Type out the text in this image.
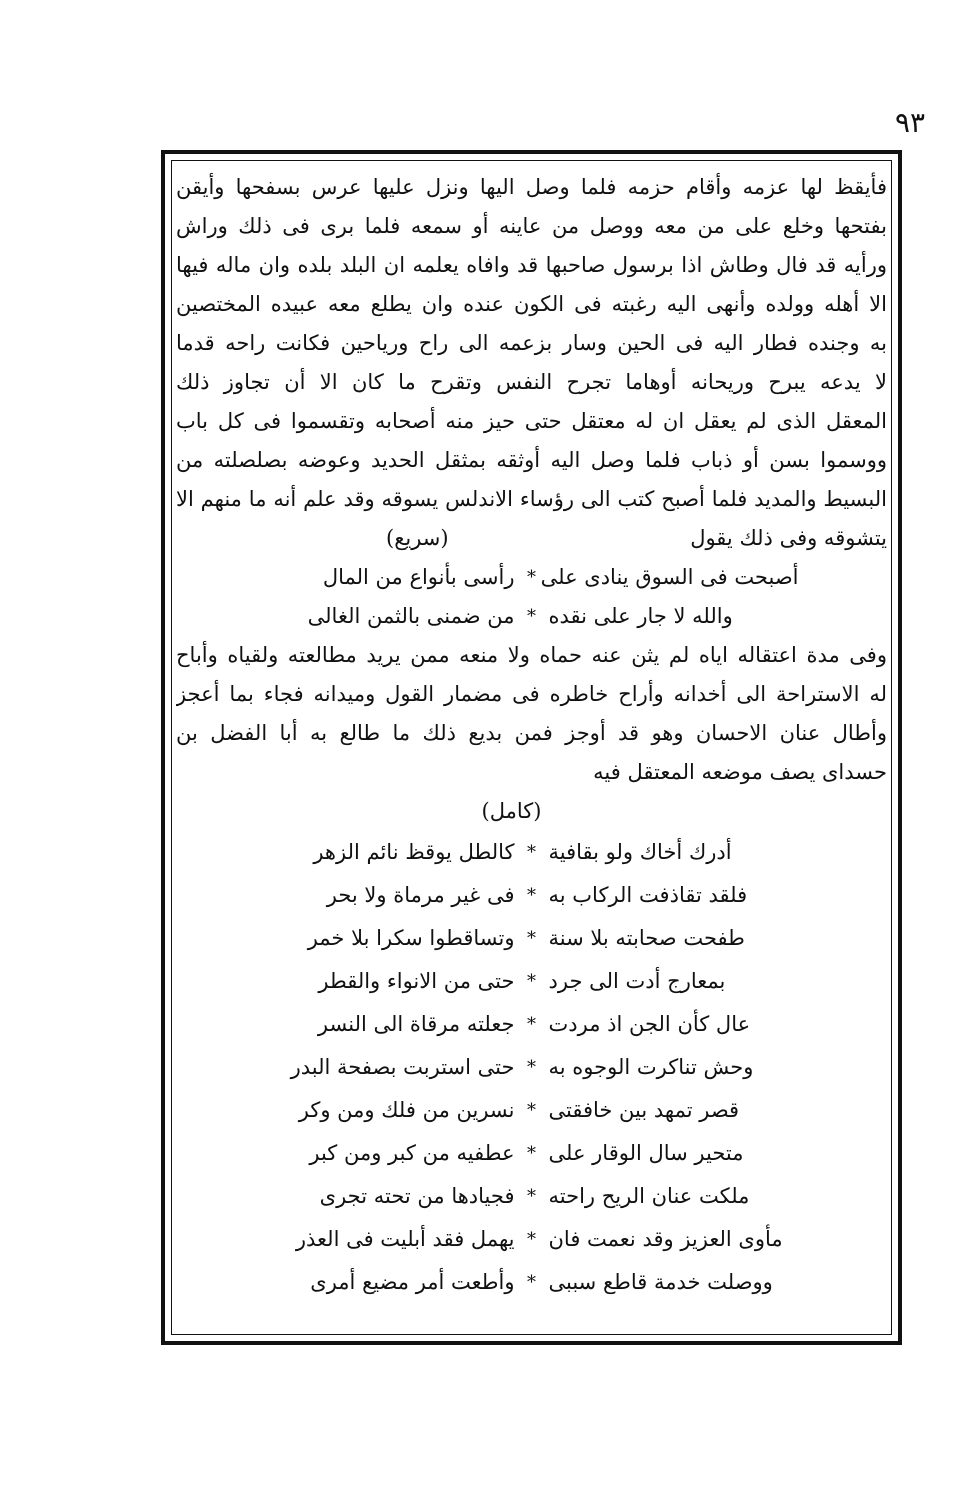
٩٣
فأيقظ لها عزمه وأقام حزمه فلما وصل اليها ونزل عليها عرس بسفحها وأيقن
بفتحها وخلع على من معه ووصل من عاينه أو سمعه فلما برى فى ذلك وراش
ورأيه قد فال وطاش اذا برسول صاحبها قد وافاه يعلمه ان البلد بلده وان ماله فيها
الا أهله وولده وأنهى اليه رغبته فى الكون عنده وان يطلع معه عبيده المختصين
به وجنده فطار اليه فى الحين وسار بزعمه الى راح ورياحين فكانت راحه قدما
لا يدعه يبرح وريحانه أوهاما تجرح النفس وتقرح ما كان الا أن تجاوز ذلك
المعقل الذى لم يعقل ان له معتقل حتى حيز منه أصحابه وتقسموا فى كل باب
ووسموا بسن أو ذباب فلما وصل اليه أوثقه بمثقل الحديد وعوضه بصلصلته من
البسيط والمديد فلما أصبح كتب الى رؤساء الاندلس يسوقه وقد علم أنه ما منهم الا
يتشوقه وفى ذلك يقول
(سريع)
أصبحت فى السوق ينادى على
*
رأسى بأنواع من المال
والله لا جار على نقده
*
من ضمنى بالثمن الغالى
وفى مدة اعتقاله اياه لم يثن عنه حماه ولا منعه ممن يريد مطالعته ولقياه وأباح
له الاستراحة الى أخدانه وأراح خاطره فى مضمار القول وميدانه فجاء بما أعجز
وأطال عنان الاحسان وهو قد أوجز فمن بديع ذلك ما طالع به أبا الفضل بن
حسداى يصف موضعه المعتقل فيه
(كامل)
أدرك أخاك ولو بقافية
*
كالطل يوقظ نائم الزهر
فلقد تقاذفت الركاب به
*
فى غير مرماة ولا بحر
طفحت صحابته بلا سنة
*
وتساقطوا سكرا بلا خمر
بمعارج أدت الى جرد
*
حتى من الانواء والقطر
عال كأن الجن اذ مردت
*
جعلته مرقاة الى النسر
وحش تناكرت الوجوه به
*
حتى استربت بصفحة البدر
قصر تمهد بين خافقتى
*
نسرين من فلك ومن وكر
متحير سال الوقار على
*
عطفيه من كبر ومن كبر
ملكت عنان الريح راحته
*
فجيادها من تحته تجرى
مأوى العزيز وقد نعمت فان
*
يهمل فقد أبليت فى العذر
ووصلت خدمة قاطع سببى
*
وأطعت أمر مضيع أمرى
